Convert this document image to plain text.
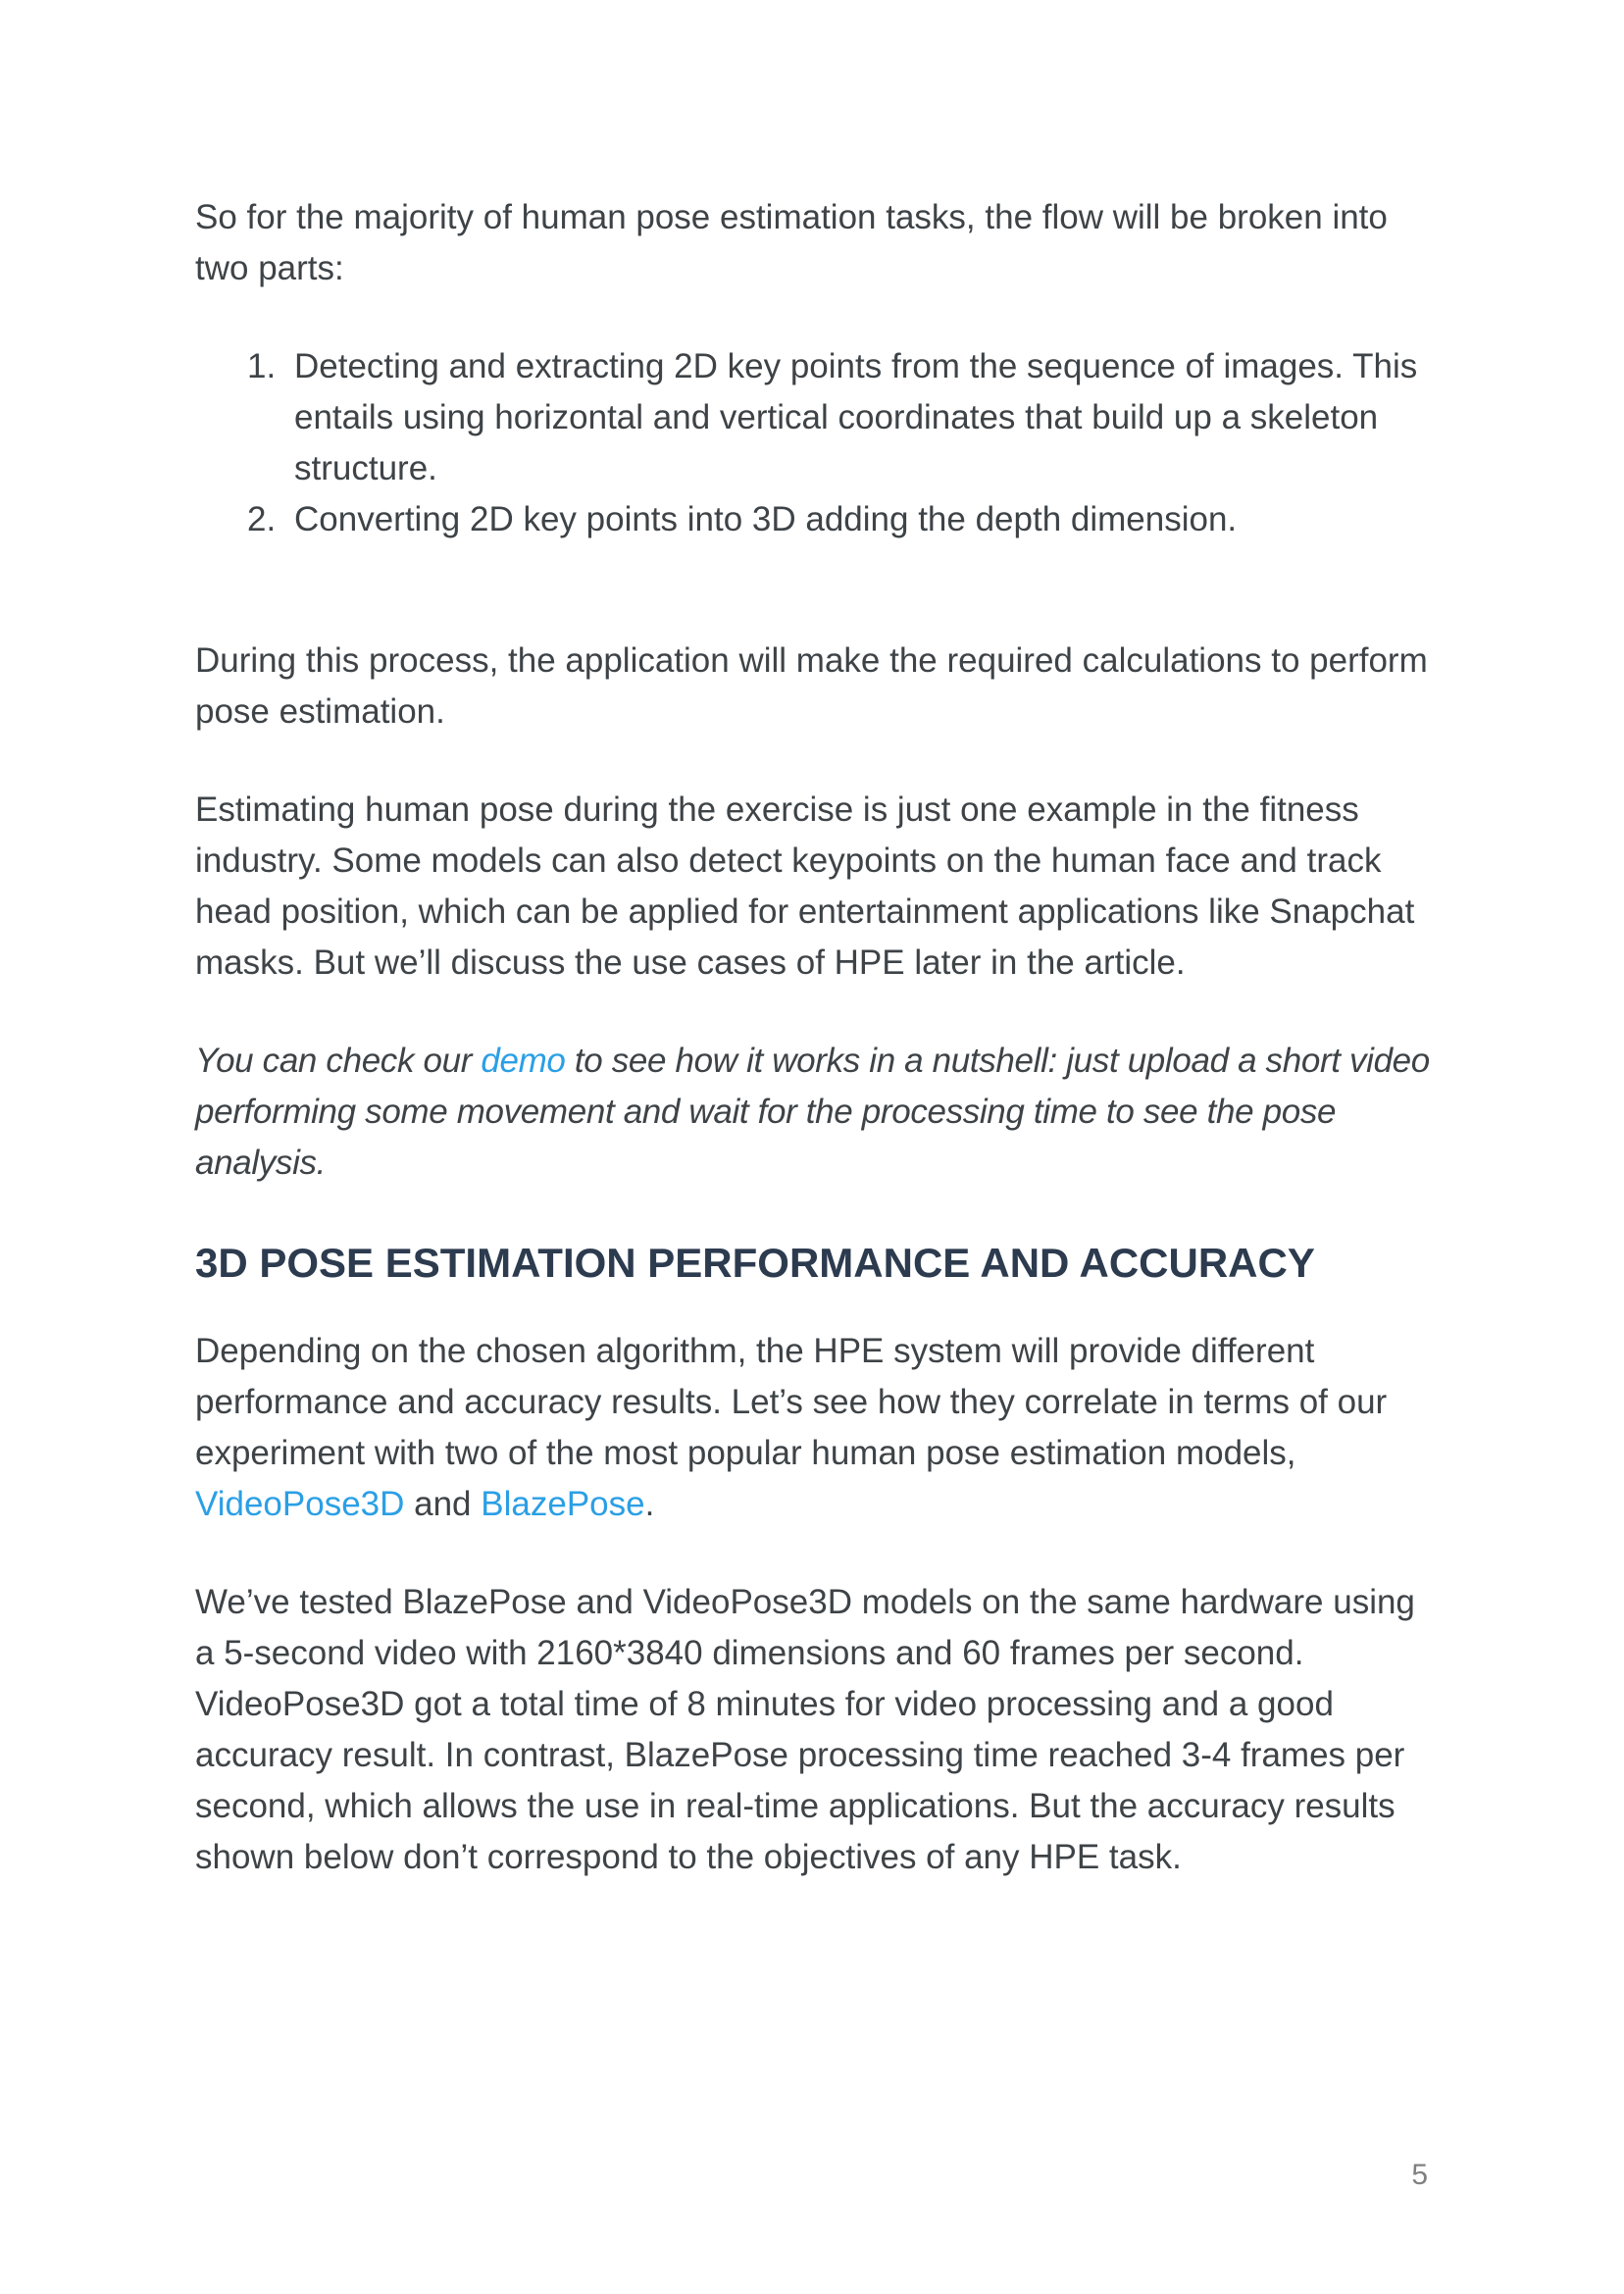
So for the majority of human pose estimation tasks, the flow will be broken into two parts:

1. Detecting and extracting 2D key points from the sequence of images. This entails using horizontal and vertical coordinates that build up a skeleton structure.
2. Converting 2D key points into 3D adding the depth dimension.

During this process, the application will make the required calculations to perform pose estimation.

Estimating human pose during the exercise is just one example in the fitness industry. Some models can also detect keypoints on the human face and track head position, which can be applied for entertainment applications like Snapchat masks. But we’ll discuss the use cases of HPE later in the article.

You can check our demo to see how it works in a nutshell: just upload a short video performing some movement and wait for the processing time to see the pose analysis.

3D POSE ESTIMATION PERFORMANCE AND ACCURACY

Depending on the chosen algorithm, the HPE system will provide different performance and accuracy results. Let’s see how they correlate in terms of our experiment with two of the most popular human pose estimation models, VideoPose3D and BlazePose.

We’ve tested BlazePose and VideoPose3D models on the same hardware using a 5-second video with 2160*3840 dimensions and 60 frames per second. VideoPose3D got a total time of 8 minutes for video processing and a good accuracy result. In contrast, BlazePose processing time reached 3-4 frames per second, which allows the use in real-time applications. But the accuracy results shown below don’t correspond to the objectives of any HPE task.

5
